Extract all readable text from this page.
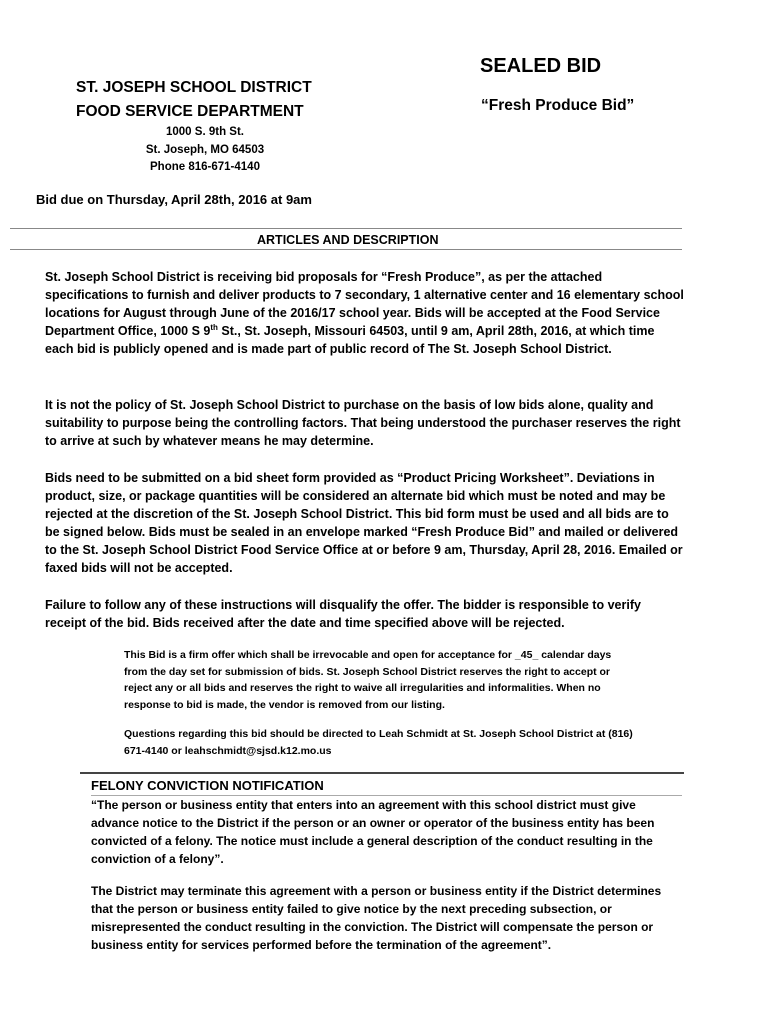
ST. JOSEPH SCHOOL DISTRICT
FOOD SERVICE DEPARTMENT
SEALED BID
“Fresh Produce Bid”
1000 S. 9th St.
St. Joseph, MO 64503
Phone 816-671-4140
Bid due on Thursday, April 28th, 2016 at 9am
ARTICLES AND DESCRIPTION

St. Joseph School District is receiving bid proposals for “Fresh Produce”, as per the attached specifications to furnish and deliver products to 7 secondary, 1 alternative center and 16 elementary school locations for August through June of the 2016/17 school year. Bids will be accepted at the Food Service Department Office, 1000 S 9th St., St. Joseph, Missouri 64503, until 9 am, April 28th, 2016, at which time each bid is publicly opened and is made part of public record of The St. Joseph School District.

It is not the policy of St. Joseph School District to purchase on the basis of low bids alone, quality and suitability to purpose being the controlling factors. That being understood the purchaser reserves the right to arrive at such by whatever means he may determine.

Bids need to be submitted on a bid sheet form provided as “Product Pricing Worksheet”. Deviations in product, size, or package quantities will be considered an alternate bid which must be noted and may be rejected at the discretion of the St. Joseph School District. This bid form must be used and all bids are to be signed below. Bids must be sealed in an envelope marked “Fresh Produce Bid” and mailed or delivered to the St. Joseph School District Food Service Office at or before 9 am, Thursday, April 28, 2016. Emailed or faxed bids will not be accepted.

Failure to follow any of these instructions will disqualify the offer. The bidder is responsible to verify receipt of the bid. Bids received after the date and time specified above will be rejected.

This Bid is a firm offer which shall be irrevocable and open for acceptance for _45_ calendar days from the day set for submission of bids. St. Joseph School District reserves the right to accept or reject any or all bids and reserves the right to waive all irregularities and informalities. When no response to bid is made, the vendor is removed from our listing.

Questions regarding this bid should be directed to Leah Schmidt at St. Joseph School District at (816) 671-4140 or leahschmidt@sjsd.k12.mo.us

FELONY CONVICTION NOTIFICATION

“The person or business entity that enters into an agreement with this school district must give advance notice to the District if the person or an owner or operator of the business entity has been convicted of a felony. The notice must include a general description of the conduct resulting in the conviction of a felony”.

The District may terminate this agreement with a person or business entity if the District determines that the person or business entity failed to give notice by the next preceding subsection, or misrepresented the conduct resulting in the conviction. The District will compensate the person or business entity for services performed before the termination of the agreement”.
